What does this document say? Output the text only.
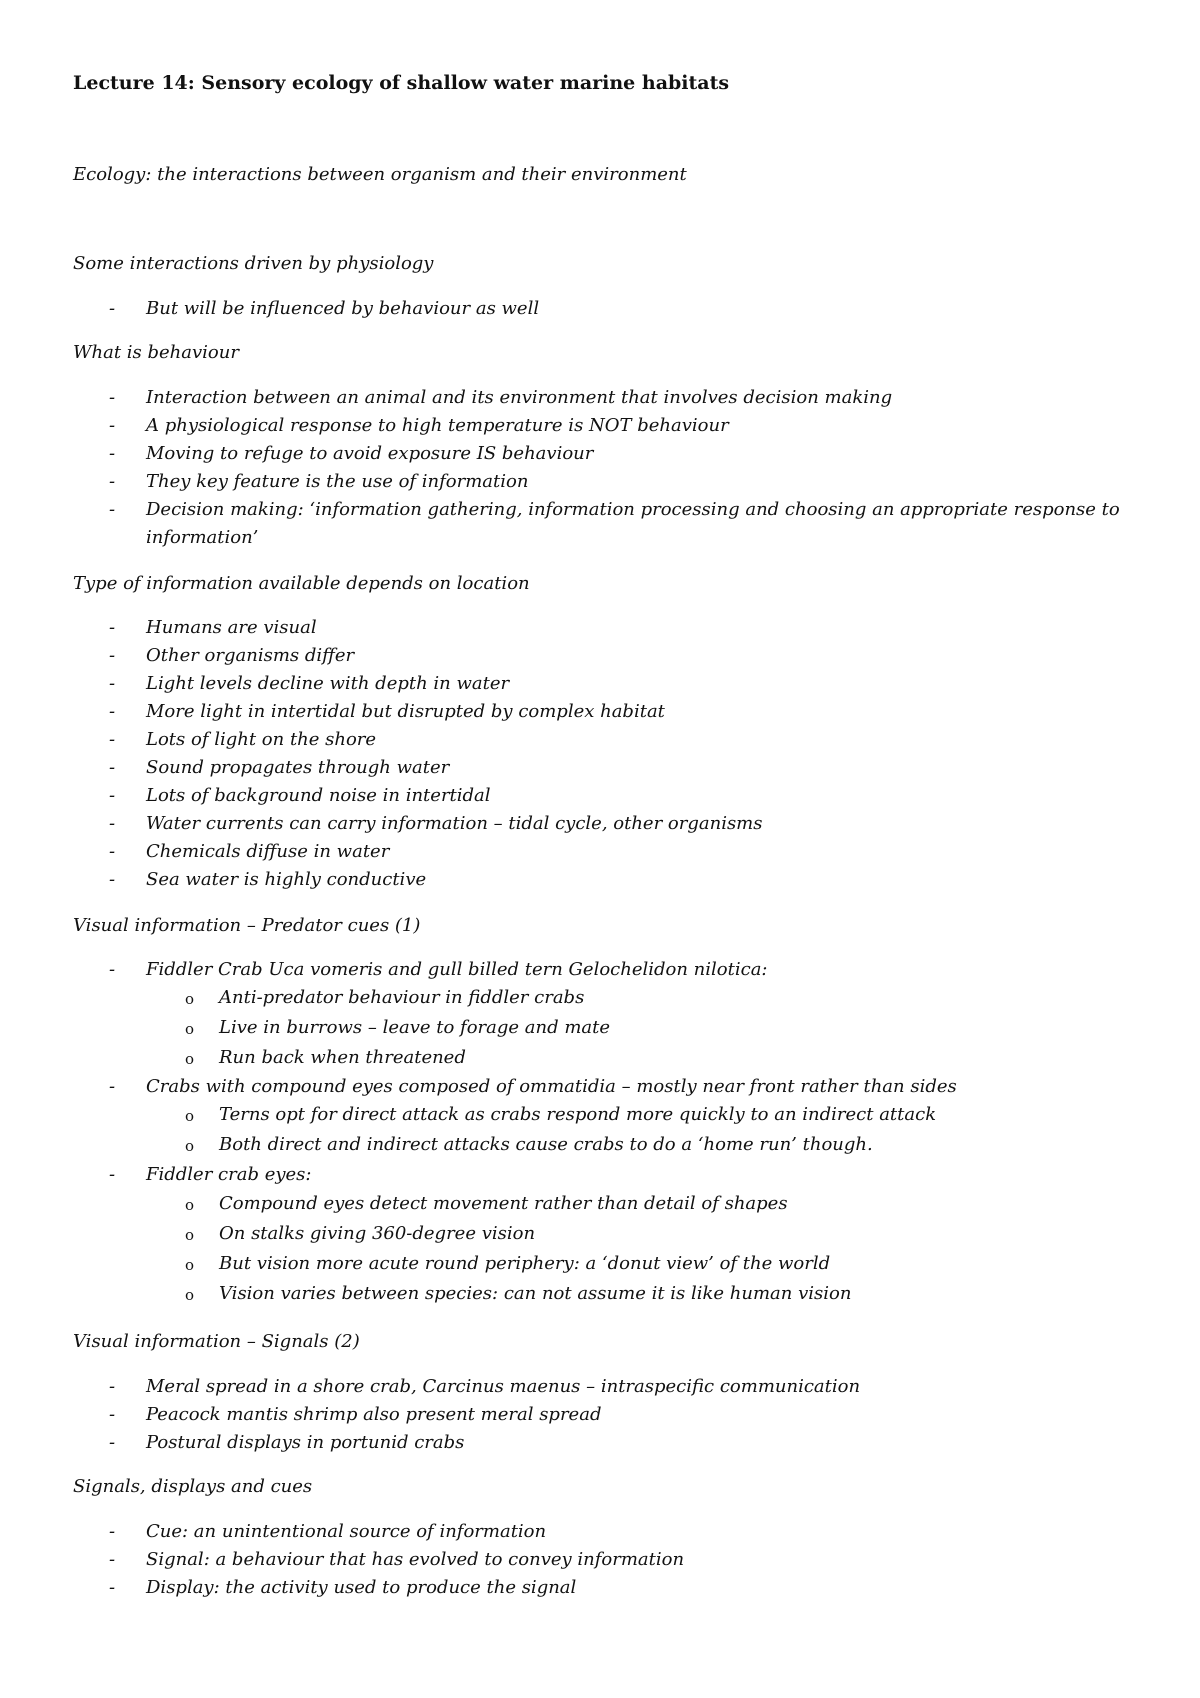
Lecture 14: Sensory ecology of shallow water marine habitats
Ecology: the interactions between organism and their environment
Some interactions driven by physiology
- But will be influenced by behaviour as well
What is behaviour
- Interaction between an animal and its environment that involves decision making
- A physiological response to high temperature is NOT behaviour
- Moving to refuge to avoid exposure IS behaviour
- They key feature is the use of information
- Decision making: ‘information gathering, information processing and choosing an appropriate response to
information’
Type of information available depends on location
- Humans are visual
- Other organisms differ
- Light levels decline with depth in water
- More light in intertidal but disrupted by complex habitat
- Lots of light on the shore
- Sound propagates through water
- Lots of background noise in intertidal
- Water currents can carry information – tidal cycle, other organisms
- Chemicals diffuse in water
- Sea water is highly conductive
Visual information – Predator cues (1)
- Fiddler Crab Uca vomeris and gull billed tern Gelochelidon nilotica:
o Anti-predator behaviour in fiddler crabs
o Live in burrows – leave to forage and mate
o Run back when threatened
- Crabs with compound eyes composed of ommatidia – mostly near front rather than sides
o Terns opt for direct attack as crabs respond more quickly to an indirect attack
o Both direct and indirect attacks cause crabs to do a ‘home run’ though.
- Fiddler crab eyes:
o Compound eyes detect movement rather than detail of shapes
o On stalks giving 360-degree vision
o But vision more acute round periphery: a ‘donut view’ of the world
o Vision varies between species: can not assume it is like human vision
Visual information – Signals (2)
- Meral spread in a shore crab, Carcinus maenus – intraspecific communication
- Peacock mantis shrimp also present meral spread
- Postural displays in portunid crabs
Signals, displays and cues
- Cue: an unintentional source of information
- Signal: a behaviour that has evolved to convey information
- Display: the activity used to produce the signal
